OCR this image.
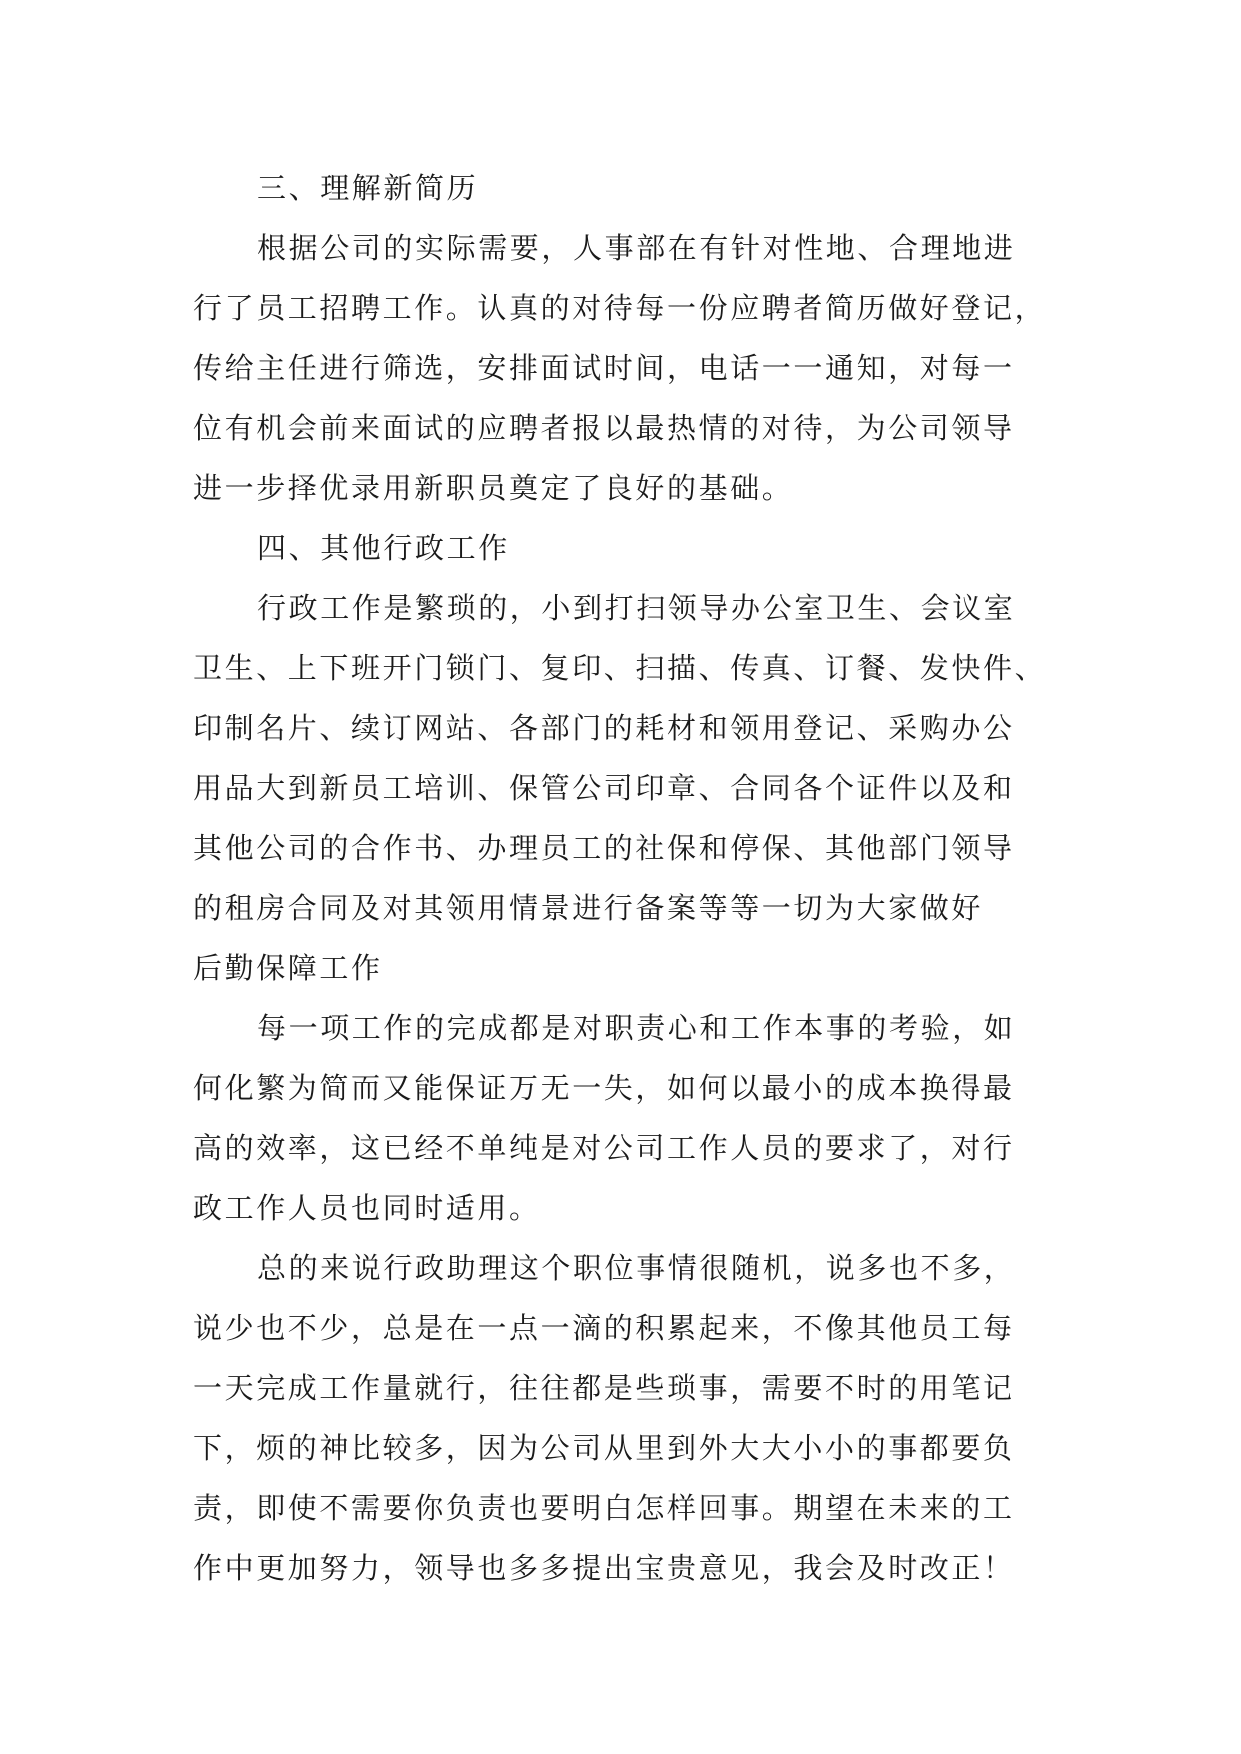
三、理解新简历
根据公司的实际需要，人事部在有针对性地、合理地进
行了员工招聘工作。认真的对待每一份应聘者简历做好登记，
传给主任进行筛选，安排面试时间，电话一一通知，对每一
位有机会前来面试的应聘者报以最热情的对待，为公司领导
进一步择优录用新职员奠定了良好的基础。
四、其他行政工作
行政工作是繁琐的，小到打扫领导办公室卫生、会议室
卫生、上下班开门锁门、复印、扫描、传真、订餐、发快件、
印制名片、续订网站、各部门的耗材和领用登记、采购办公
用品大到新员工培训、保管公司印章、合同各个证件以及和
其他公司的合作书、办理员工的社保和停保、其他部门领导
的租房合同及对其领用情景进行备案等等一切为大家做好
后勤保障工作
每一项工作的完成都是对职责心和工作本事的考验，如
何化繁为简而又能保证万无一失，如何以最小的成本换得最
高的效率，这已经不单纯是对公司工作人员的要求了，对行
政工作人员也同时适用。
总的来说行政助理这个职位事情很随机，说多也不多，
说少也不少，总是在一点一滴的积累起来，不像其他员工每
一天完成工作量就行，往往都是些琐事，需要不时的用笔记
下，烦的神比较多，因为公司从里到外大大小小的事都要负
责，即使不需要你负责也要明白怎样回事。期望在未来的工
作中更加努力，领导也多多提出宝贵意见，我会及时改正！
